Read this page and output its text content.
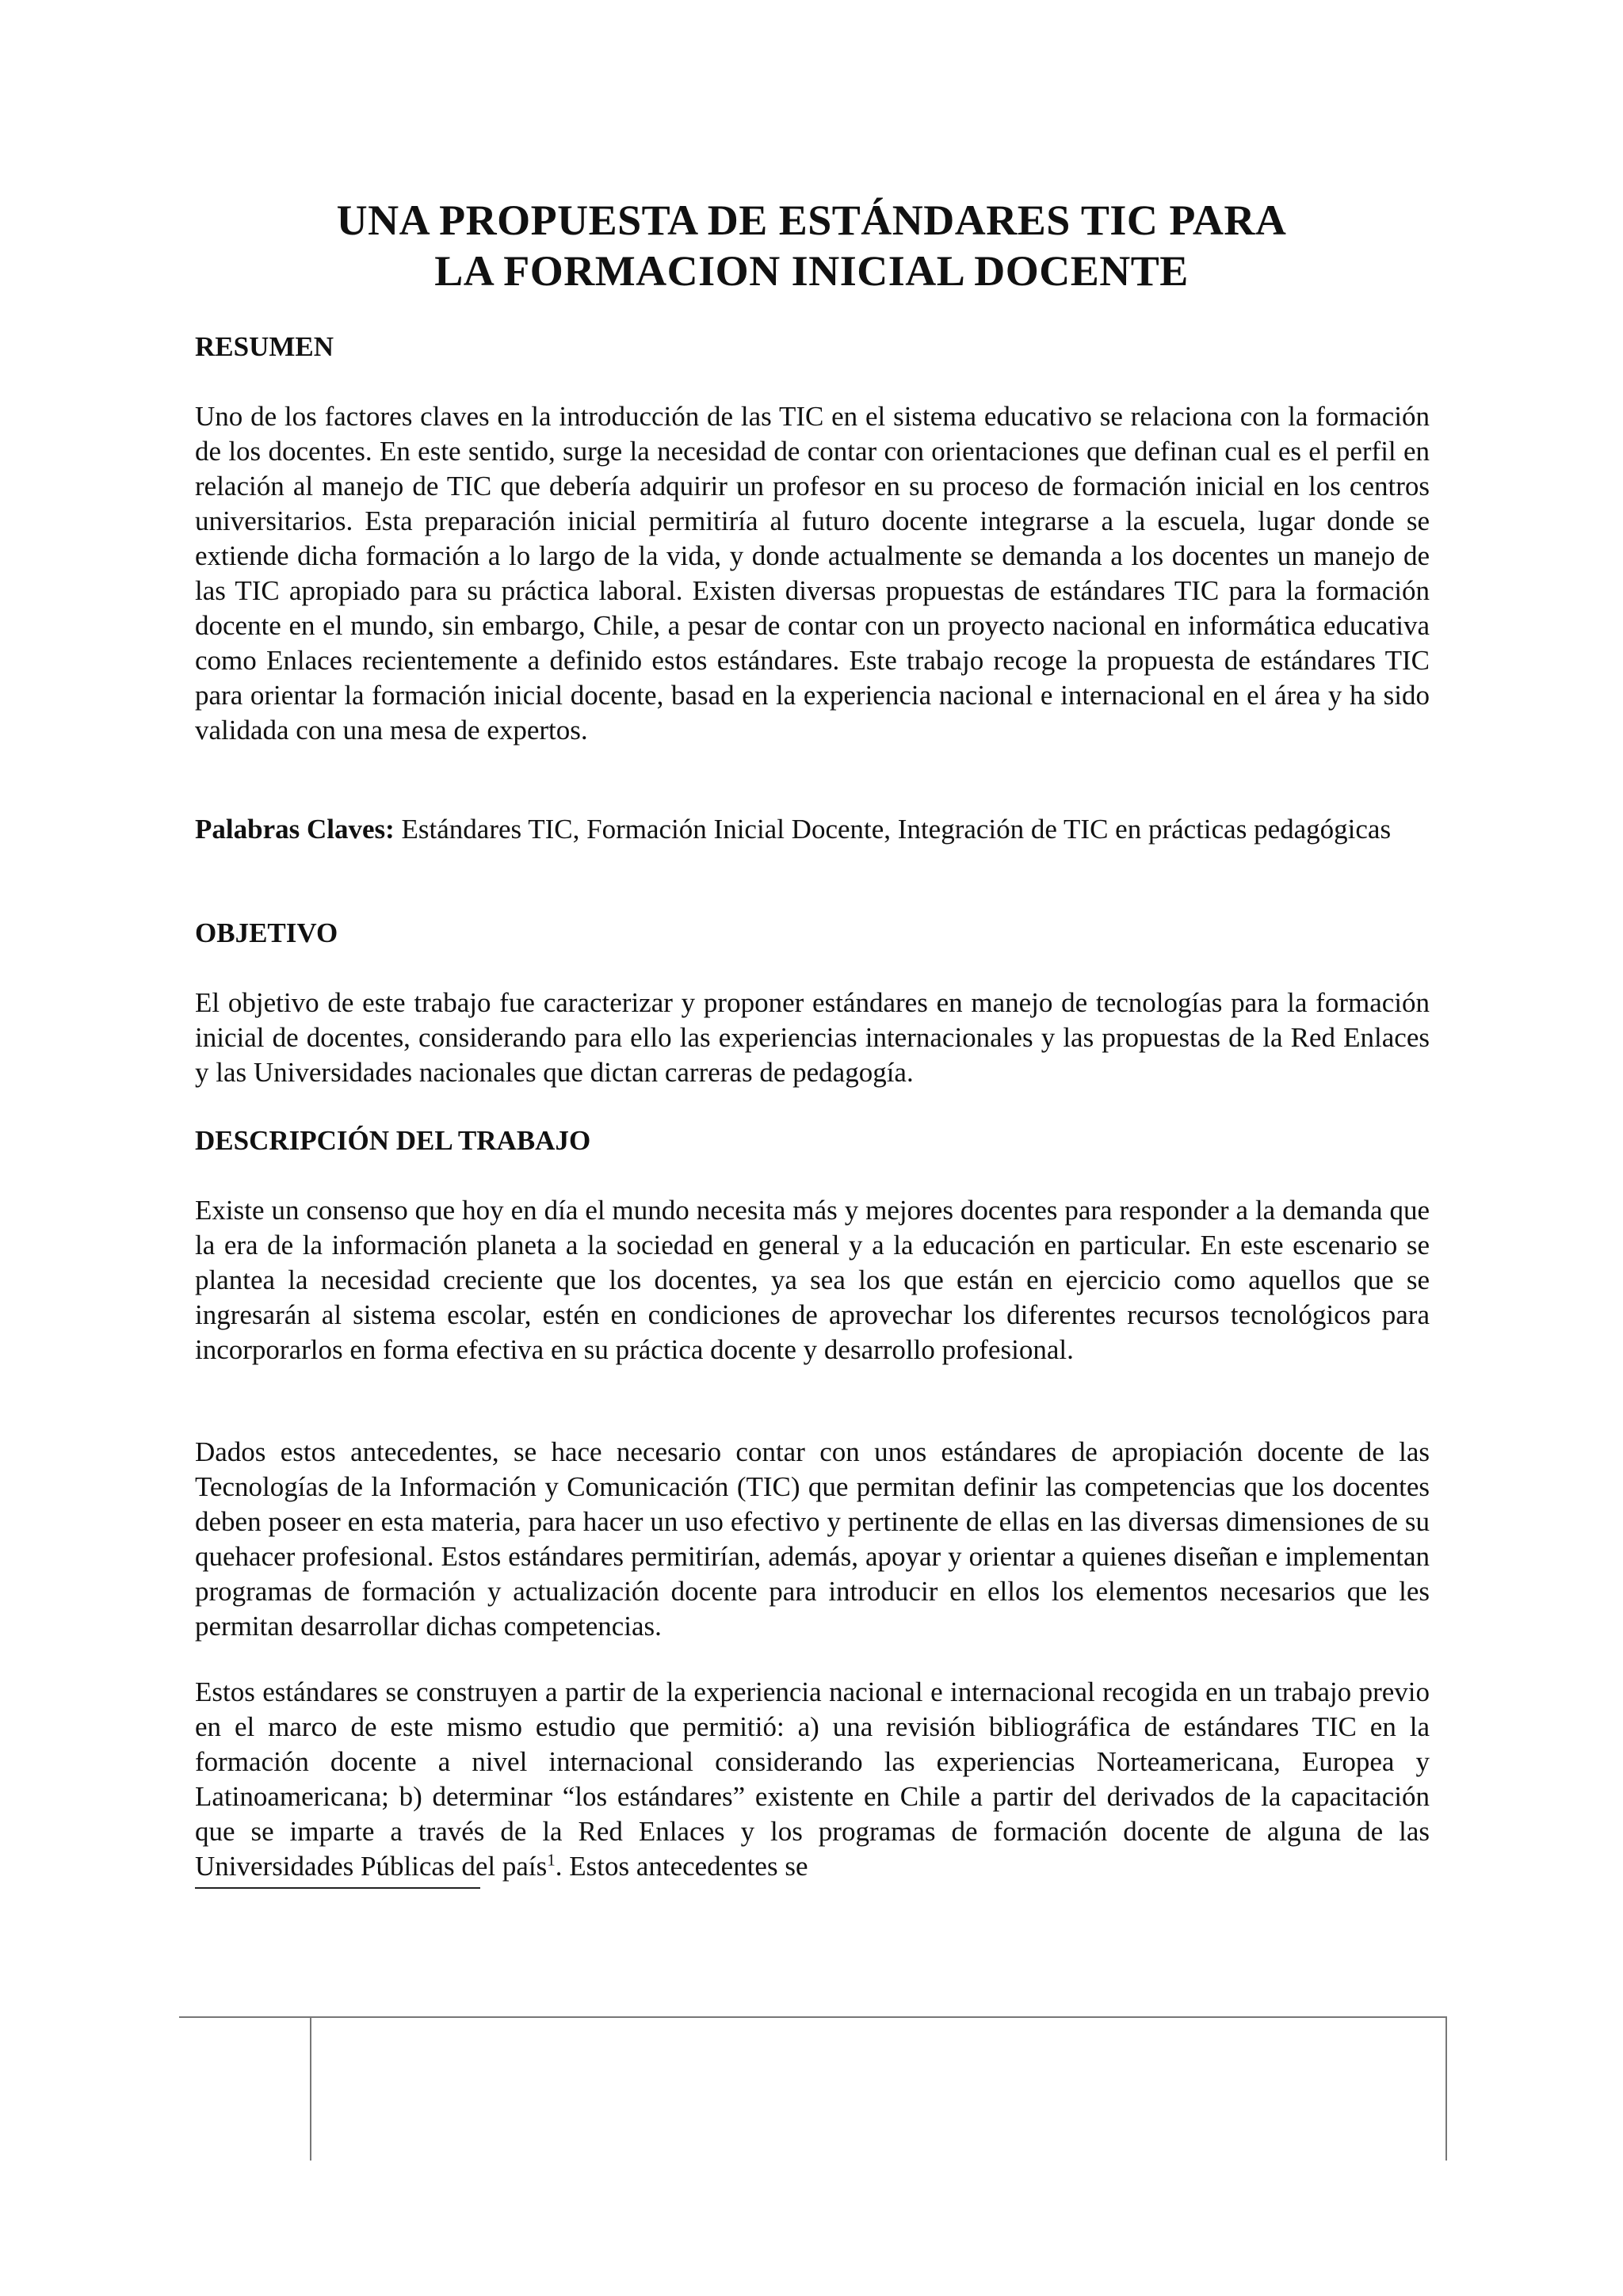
UNA PROPUESTA DE ESTÁNDARES TIC PARA
LA FORMACION INICIAL DOCENTE
RESUMEN

Uno de los factores claves en la introducción de las TIC en el sistema educativo se relaciona con la formación de los docentes. En este sentido, surge la necesidad de contar con orientaciones que definan cual es el perfil en relación al manejo de TIC que debería adquirir un profesor en su proceso de formación inicial en los centros universitarios. Esta preparación inicial permitiría al futuro docente integrarse a la escuela, lugar donde se extiende dicha formación a lo largo de la vida, y donde actualmente se demanda a los docentes un manejo de las TIC apropiado para su práctica laboral. Existen diversas propuestas de estándares TIC para la formación docente en el mundo, sin embargo, Chile, a pesar de contar con un proyecto nacional en informática educativa como Enlaces recientemente a definido estos estándares. Este trabajo recoge la propuesta de estándares TIC para orientar la formación inicial docente, basad en la experiencia nacional e internacional en el área y ha sido validada con una mesa de expertos.

Palabras Claves: Estándares TIC, Formación Inicial Docente, Integración de TIC en prácticas pedagógicas

OBJETIVO

El objetivo de este trabajo fue caracterizar y proponer estándares en manejo de tecnologías para la formación inicial de docentes, considerando para ello las experiencias internacionales y las propuestas de la Red Enlaces y las Universidades nacionales que dictan carreras de pedagogía.

DESCRIPCIÓN DEL TRABAJO

Existe un consenso que hoy en día el mundo necesita más y mejores docentes para responder a la demanda que la era de la información planeta a la sociedad en general y a la educación en particular. En este escenario se plantea la necesidad creciente que los docentes, ya sea los que están en ejercicio como aquellos que se ingresarán al sistema escolar, estén en condiciones de aprovechar los diferentes recursos tecnológicos para incorporarlos en forma efectiva en su práctica docente y desarrollo profesional.

Dados estos antecedentes, se hace necesario contar con unos estándares de apropiación docente de las Tecnologías de la Información y Comunicación (TIC) que permitan definir las competencias que los docentes deben poseer en esta materia, para hacer un uso efectivo y pertinente de ellas en las diversas dimensiones de su quehacer profesional. Estos estándares permitirían, además, apoyar y orientar a quienes diseñan e implementan programas de formación y actualización docente para introducir en ellos los elementos necesarios que les permitan desarrollar dichas competencias.

Estos estándares se construyen a partir de la experiencia nacional e internacional recogida en un trabajo previo en el marco de este mismo estudio que permitió: a) una revisión bibliográfica de estándares TIC en la formación docente a nivel internacional considerando las experiencias Norteamericana, Europea y Latinoamericana; b) determinar “los estándares” existente en Chile a partir del derivados de la capacitación que se imparte a través de la Red Enlaces y los programas de formación docente de alguna de las Universidades Públicas del país$^1$. Estos antecedentes se
